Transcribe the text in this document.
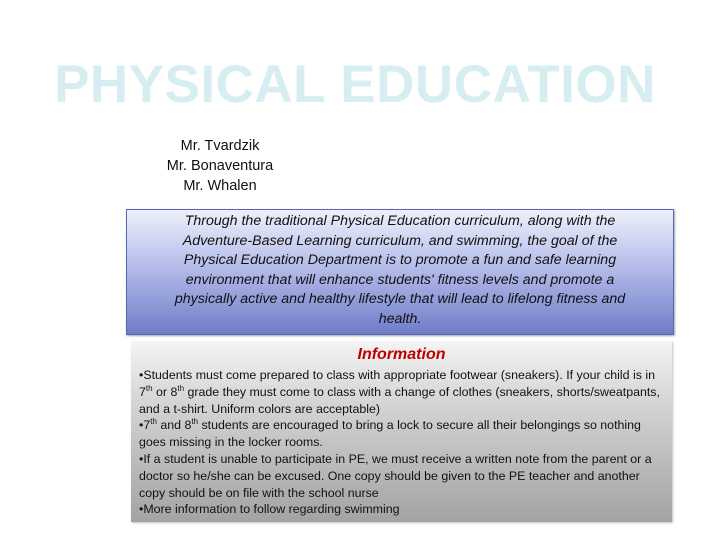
PHYSICAL EDUCATION
Mr. Tvardzik
Mr. Bonaventura
Mr. Whalen

Through the traditional Physical Education curriculum, along with the
Adventure-Based Learning curriculum, and swimming, the goal of the
Physical Education Department is to promote a fun and safe learning
environment that will enhance students' fitness levels and promote a
physically active and healthy lifestyle that will lead to lifelong fitness and
health.

Information

•Students must come prepared to class with appropriate footwear (sneakers). If your child is in 7th or 8th grade they must come to class with a change of clothes (sneakers, shorts/sweatpants, and a t-shirt. Uniform colors are acceptable)

•7th and 8th students are encouraged to bring a lock to secure all their belongings so nothing goes missing in the locker rooms.

•If a student is unable to participate in PE, we must receive a written note from the parent or a doctor so he/she can be excused. One copy should be given to the PE teacher and another copy should be on file with the school nurse

•More information to follow regarding swimming
